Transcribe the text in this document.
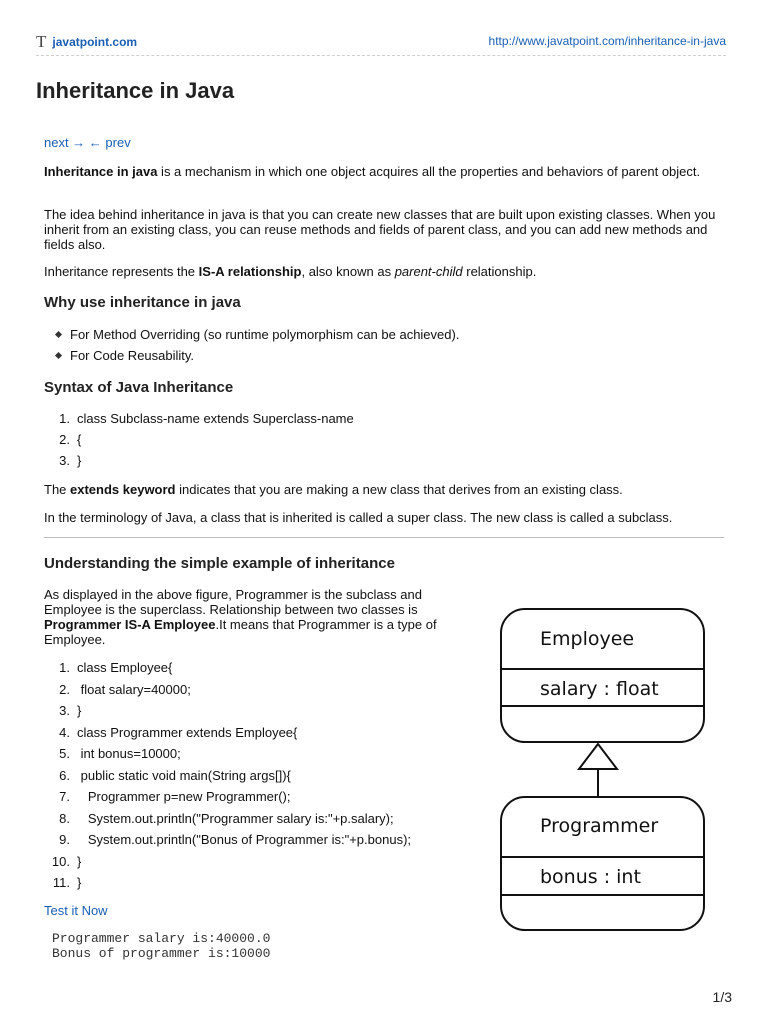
T javatpoint.com	http://www.javatpoint.com/inheritance-in-java
Inheritance in Java
next → ← prev
Inheritance in java is a mechanism in which one object acquires all the properties and behaviors of parent object.
The idea behind inheritance in java is that you can create new classes that are built upon existing classes. When you inherit from an existing class, you can reuse methods and fields of parent class, and you can add new methods and fields also.
Inheritance represents the IS-A relationship, also known as parent-child relationship.
Why use inheritance in java
For Method Overriding (so runtime polymorphism can be achieved).
For Code Reusability.
Syntax of Java Inheritance
1. class Subclass-name extends Superclass-name
2. {
3. }
The extends keyword indicates that you are making a new class that derives from an existing class.
In the terminology of Java, a class that is inherited is called a super class. The new class is called a subclass.
Understanding the simple example of inheritance
As displayed in the above figure, Programmer is the subclass and Employee is the superclass. Relationship between two classes is Programmer IS-A Employee.It means that Programmer is a type of Employee.
1. class Employee{
2. float salary=40000;
3. }
4. class Programmer extends Employee{
5. int bonus=10000;
6. public static void main(String args[]){
7.   Programmer p=new Programmer();
8.   System.out.println("Programmer salary is:"+p.salary);
9.   System.out.println("Bonus of Programmer is:"+p.bonus);
10. }
11. }
Test it Now
Programmer salary is:40000.0
Bonus of programmer is:10000
Employee
salary : float
Programmer
bonus : int
1/3
